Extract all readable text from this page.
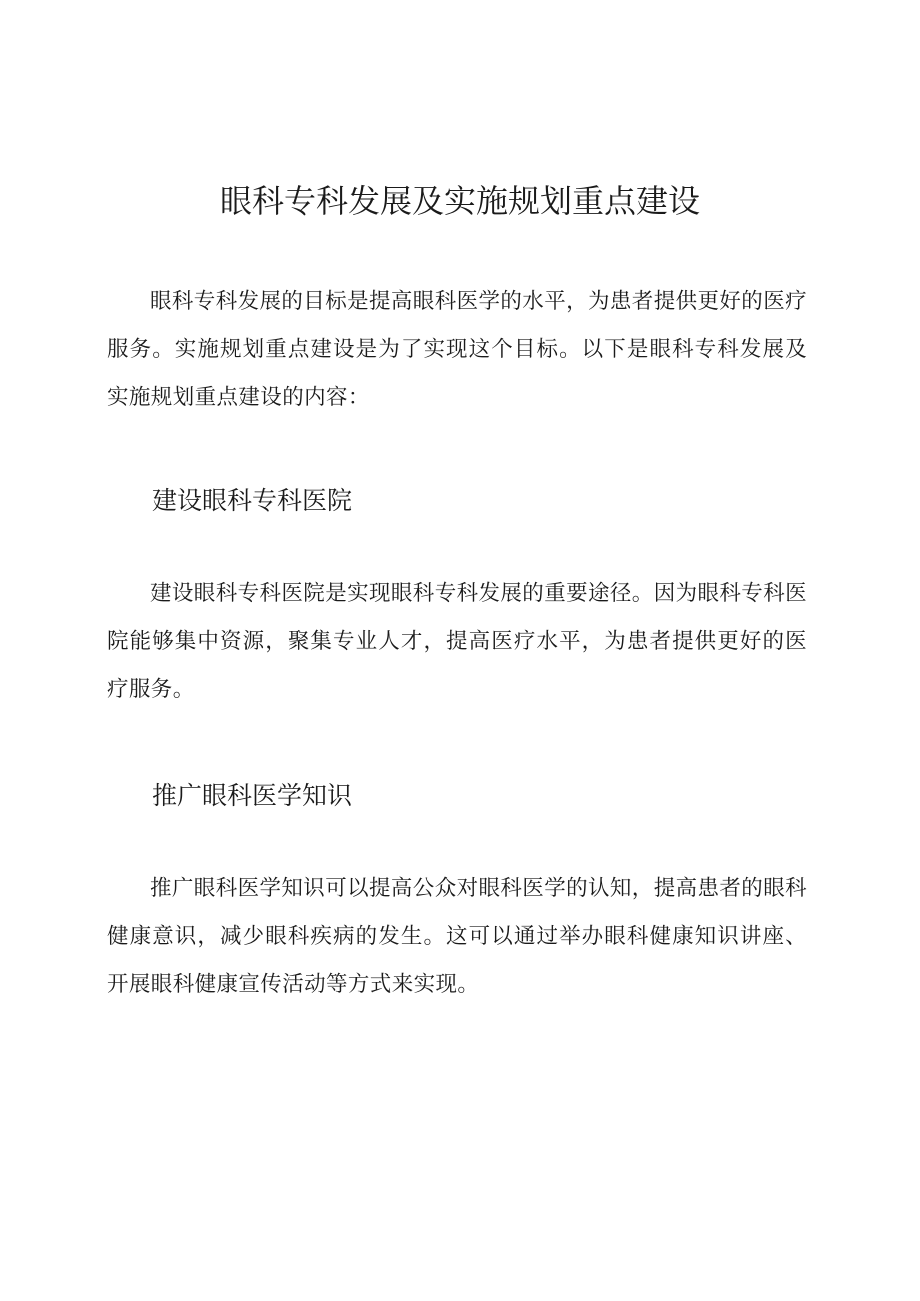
眼科专科发展及实施规划重点建设

眼科专科发展的目标是提高眼科医学的水平，为患者提供更好的医疗服务。实施规划重点建设是为了实现这个目标。以下是眼科专科发展及实施规划重点建设的内容：

建设眼科专科医院

建设眼科专科医院是实现眼科专科发展的重要途径。因为眼科专科医院能够集中资源，聚集专业人才，提高医疗水平，为患者提供更好的医疗服务。

推广眼科医学知识

推广眼科医学知识可以提高公众对眼科医学的认知，提高患者的眼科健康意识，减少眼科疾病的发生。这可以通过举办眼科健康知识讲座、开展眼科健康宣传活动等方式来实现。
